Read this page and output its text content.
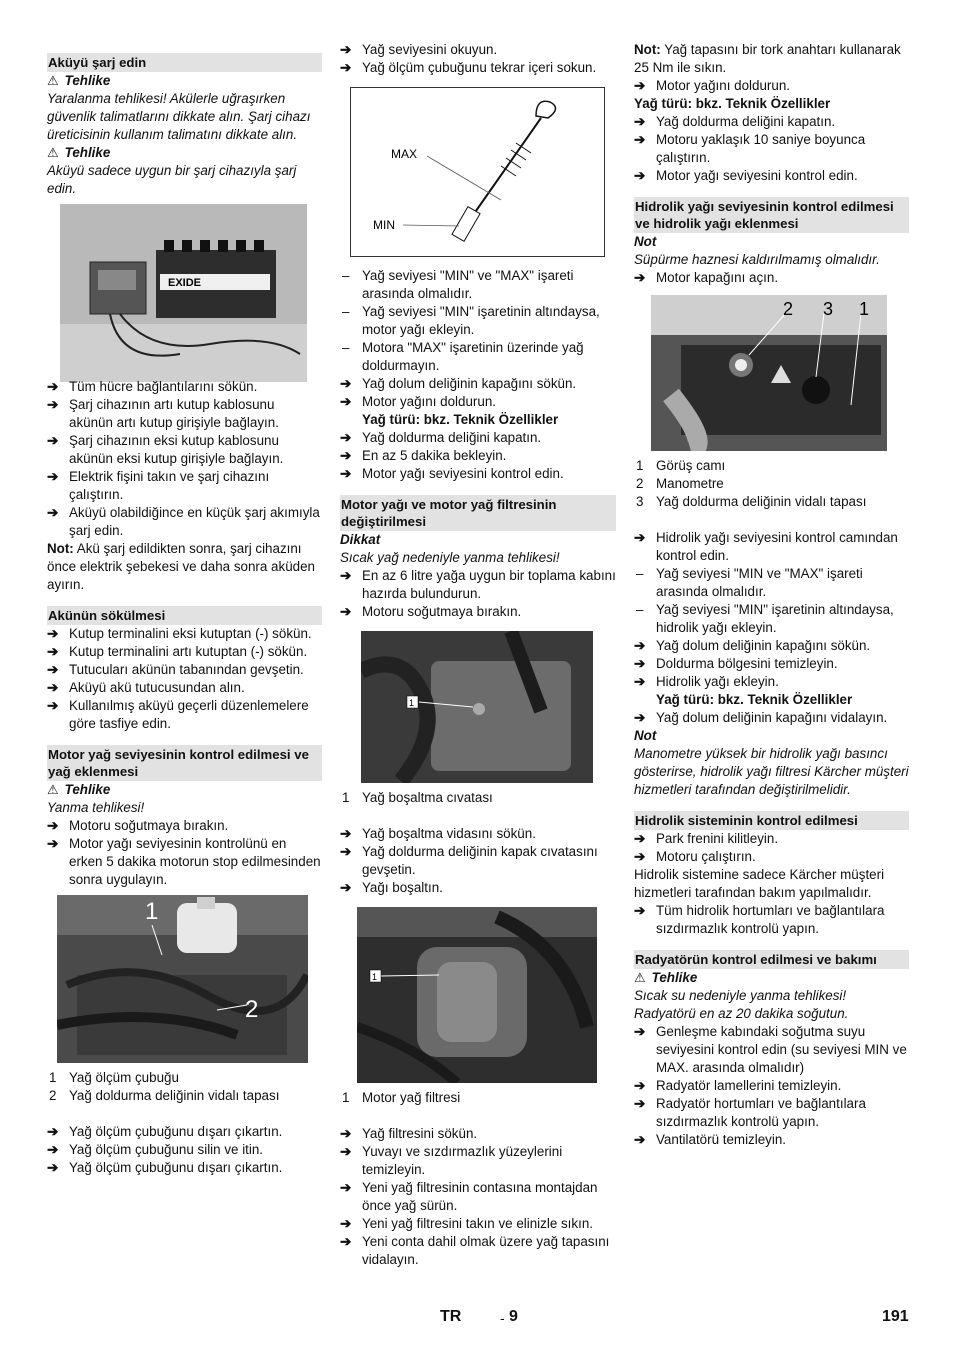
Aküyü şarj edin

⚠ Tehlike

Yaralanma tehlikesi! Akülerle uğraşırken güvenlik talimatlarını dikkate alın. Şarj cihazı üreticisinin kullanım talimatını dikkate alın.

⚠ Tehlike

Aküyü sadece uygun bir şarj cihazıyla şarj edin.

EXIDE

➔ Tüm hücre bağlantılarını sökün.

➔ Şarj cihazının artı kutup kablosunu akünün artı kutup girişiyle bağlayın.

➔ Şarj cihazının eksi kutup kablosunu akünün eksi kutup girişiyle bağlayın.

➔ Elektrik fişini takın ve şarj cihazını çalıştırın.

➔ Aküyü olabildiğince en küçük şarj akımıyla şarj edin.

Not: Akü şarj edildikten sonra, şarj cihazını önce elektrik şebekesi ve daha sonra aküden ayırın.

Akünün sökülmesi

➔ Kutup terminalini eksi kutuptan (-) sökün.

➔ Kutup terminalini artı kutuptan (-) sökün.

➔ Tutucuları akünün tabanından gevşetin.

➔ Aküyü akü tutucusundan alın.

➔ Kullanılmış aküyü geçerli düzenlemelere göre tasfiye edin.

Motor yağ seviyesinin kontrol edilmesi ve yağ eklenmesi

⚠ Tehlike

Yanma tehlikesi!

➔ Motoru soğutmaya bırakın.

➔ Motor yağı seviyesinin kontrolünü en erken 5 dakika motorun stop edilmesinden sonra uygulayın.

1
2

1 Yağ ölçüm çubuğu

2 Yağ doldurma deliğinin vidalı tapası

➔ Yağ ölçüm çubuğunu dışarı çıkartın.

➔ Yağ ölçüm çubuğunu silin ve itin.

➔ Yağ ölçüm çubuğunu dışarı çıkartın.

➔ Yağ seviyesini okuyun.

➔ Yağ ölçüm çubuğunu tekrar içeri sokun.

MAX
MIN

– Yağ seviyesi "MIN" ve "MAX" işareti arasında olmalıdır.

– Yağ seviyesi "MIN" işaretinin altındaysa, motor yağı ekleyin.

– Motora "MAX" işaretinin üzerinde yağ doldurmayın.

➔ Yağ dolum deliğinin kapağını sökün.

➔ Motor yağını doldurun.

Yağ türü: bkz. Teknik Özellikler

➔ Yağ doldurma deliğini kapatın.

➔ En az 5 dakika bekleyin.

➔ Motor yağı seviyesini kontrol edin.

Motor yağı ve motor yağ filtresinin değiştirilmesi

Dikkat

Sıcak yağ nedeniyle yanma tehlikesi!

➔ En az 6 litre yağa uygun bir toplama kabını hazırda bulundurun.

➔ Motoru soğutmaya bırakın.

1

1 Yağ boşaltma cıvatası

➔ Yağ boşaltma vidasını sökün.

➔ Yağ doldurma deliğinin kapak cıvatasını gevşetin.

➔ Yağı boşaltın.

1

1 Motor yağ filtresi

➔ Yağ filtresini sökün.

➔ Yuvayı ve sızdırmazlık yüzeylerini temizleyin.

➔ Yeni yağ filtresinin contasına montajdan önce yağ sürün.

➔ Yeni yağ filtresini takın ve elinizle sıkın.

➔ Yeni conta dahil olmak üzere yağ tapasını vidalayın.

Not: Yağ tapasını bir tork anahtarı kullanarak 25 Nm ile sıkın.

➔ Motor yağını doldurun.

Yağ türü: bkz. Teknik Özellikler

➔ Yağ doldurma deliğini kapatın.

➔ Motoru yaklaşık 10 saniye boyunca çalıştırın.

➔ Motor yağı seviyesini kontrol edin.

Hidrolik yağı seviyesinin kontrol edilmesi ve hidrolik yağı eklenmesi

Not

Süpürme haznesi kaldırılmamış olmalıdır.

➔ Motor kapağını açın.

2 3 1

1 Görüş camı

2 Manometre

3 Yağ doldurma deliğinin vidalı tapası

➔ Hidrolik yağı seviyesini kontrol camından kontrol edin.

– Yağ seviyesi "MIN ve "MAX" işareti arasında olmalıdır.

– Yağ seviyesi "MIN" işaretinin altındaysa, hidrolik yağı ekleyin.

➔ Yağ dolum deliğinin kapağını sökün.

➔ Doldurma bölgesini temizleyin.

➔ Hidrolik yağı ekleyin.

Yağ türü: bkz. Teknik Özellikler

➔ Yağ dolum deliğinin kapağını vidalayın.

Not

Manometre yüksek bir hidrolik yağı basıncı gösterirse, hidrolik yağı filtresi Kärcher müşteri hizmetleri tarafından değiştirilmelidir.

Hidrolik sisteminin kontrol edilmesi

➔ Park frenini kilitleyin.

➔ Motoru çalıştırın.

Hidrolik sistemine sadece Kärcher müşteri hizmetleri tarafından bakım yapılmalıdır.

➔ Tüm hidrolik hortumları ve bağlantılara sızdırmazlık kontrolü yapın.

Radyatörün kontrol edilmesi ve bakımı

⚠ Tehlike

Sıcak su nedeniyle yanma tehlikesi! Radyatörü en az 20 dakika soğutun.

➔ Genleşme kabındaki soğutma suyu seviyesini kontrol edin (su seviyesi MIN ve MAX. arasında olmalıdır)

➔ Radyatör lamellerini temizleyin.

➔ Radyatör hortumları ve bağlantılara sızdırmazlık kontrolü yapın.

➔ Vantilatörü temizleyin.

TR	- 9	191
